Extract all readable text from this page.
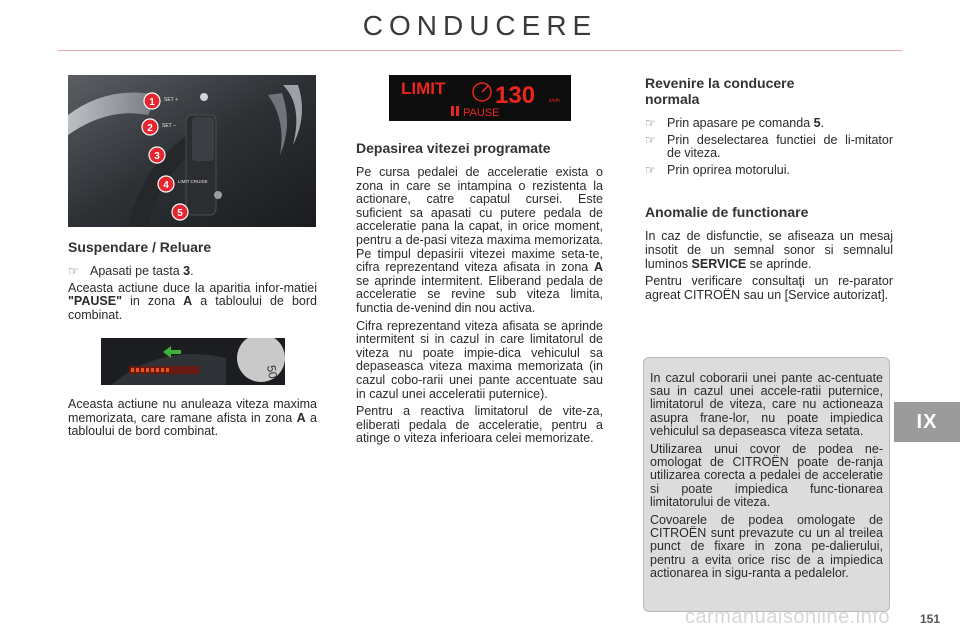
CONDUCERE
SET +
SET –
LIMIT CRUISE
1
2
3
4
5
Suspendare / Reluare
☞ Apasati pe tasta 3.

Aceasta actiune duce la aparitia infor-matiei "PAUSE" in zona A a tabloului de bord combinat.

50

Aceasta actiune nu anuleaza viteza maxima memorizata, care ramane afista in zona A a tabloului de bord combinat.

LIMIT 130	km/h
PAUSE
Depasirea vitezei programate

Pe cursa pedalei de acceleratie exista o zona in care se intampina o rezistenta la actionare, catre capatul cursei. Este suficient sa apasati cu putere pedala de acceleratie pana la capat, in orice moment, pentru a de-pasi viteza maxima memorizata. Pe timpul depasirii vitezei maxime seta-te, cifra reprezentand viteza afisata in zona A se aprinde intermitent. Eliberand pedala de acceleratie se revine sub viteza limita, functia de-venind din nou activa.

Cifra reprezentand viteza afisata se aprinde intermitent si in cazul in care limitatorul de viteza nu poate impie-dica vehiculul sa depaseasca viteza maxima memorizata (in cazul cobo-rarii unei pante accentuate sau in cazul unei acceleratii puternice).

Pentru a reactiva limitatorul de vite-za, eliberati pedala de acceleratie, pentru a atinge o viteza inferioara celei memorizate.

Revenire la conducere normala
☞ Prin apasare pe comanda 5.
☞ Prin deselectarea functiei de li-mitator de viteza.
☞ Prin oprirea motorului.
Anomalie de functionare

In caz de disfunctie, se afiseaza un mesaj insotit de un semnal sonor si semnalul luminos SERVICE se aprinde.

Pentru verificare consultaţi un re-parator agreat CITROËN sau un [Service autorizat].

In cazul coborarii unei pante ac-centuate sau in cazul unei accele-ratii puternice, limitatorul de viteza, care nu actioneaza asupra frane-lor, nu poate impiedica vehiculul sa depaseasca viteza setata.

Utilizarea unui covor de podea ne-omologat de CITROËN poate de-ranja utilizarea corecta a pedalei de acceleratie si poate impiedica func-tionarea limitatorului de viteza.

Covoarele de podea omologate de CITROËN sunt prevazute cu un al treilea punct de fixare in zona pe-dalierului, pentru a evita orice risc de a impiedica actionarea in sigu-ranta a pedalelor.

IX
carmanualsonline.info 151
